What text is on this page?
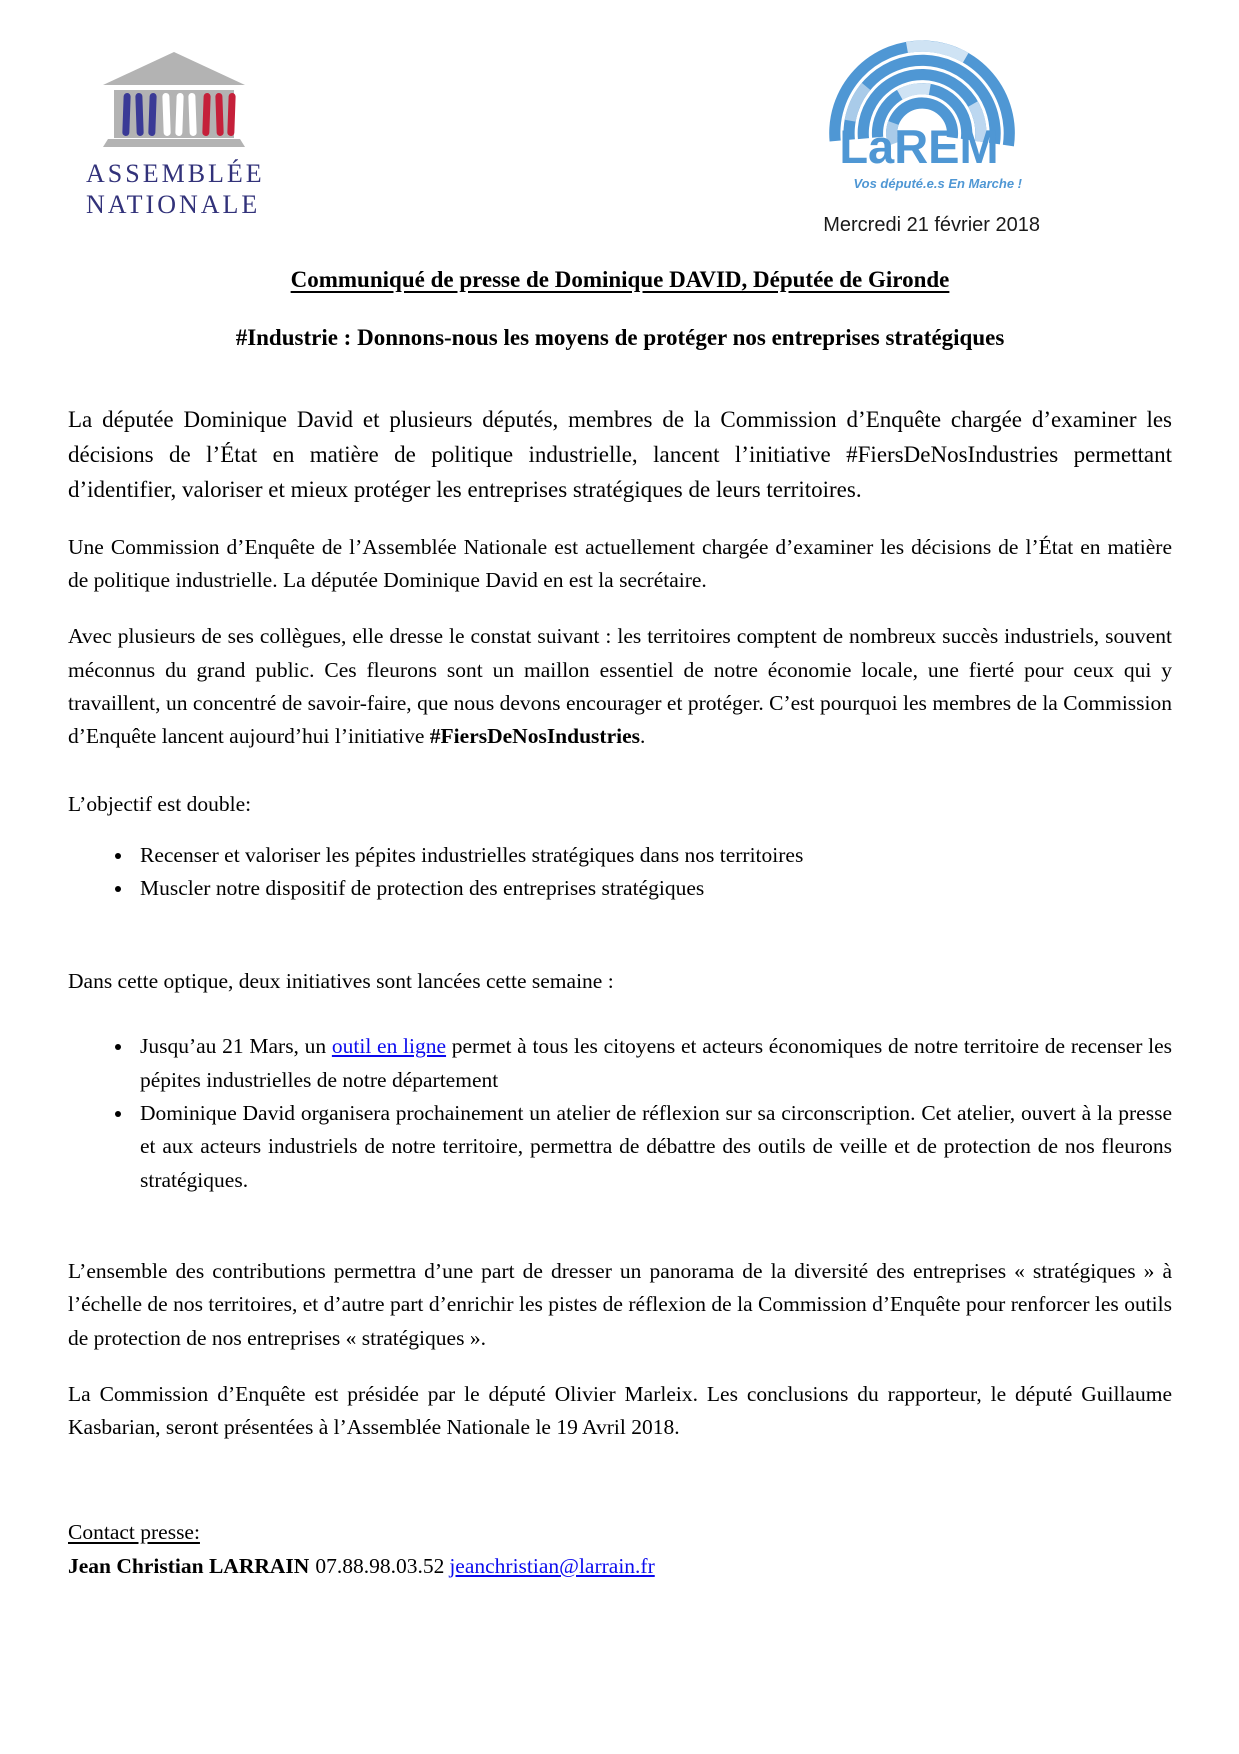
ASSEMBLÉE
NATIONALE
LaREM
Vos député.e.s En Marche !
Mercredi 21 février 2018
Communiqué de presse de Dominique DAVID, Députée de Gironde
#Industrie : Donnons-nous les moyens de protéger nos entreprises stratégiques

La députée Dominique David et plusieurs députés, membres de la Commission d’Enquête chargée d’examiner les décisions de l’État en matière de politique industrielle, lancent l’initiative #FiersDeNosIndustries permettant d’identifier, valoriser et mieux protéger les entreprises stratégiques de leurs territoires.

Une Commission d’Enquête de l’Assemblée Nationale est actuellement chargée d’examiner les décisions de l’État en matière de politique industrielle. La députée Dominique David en est la secrétaire.

Avec plusieurs de ses collègues, elle dresse le constat suivant : les territoires comptent de nombreux succès industriels, souvent méconnus du grand public. Ces fleurons sont un maillon essentiel de notre économie locale, une fierté pour ceux qui y travaillent, un concentré de savoir-faire, que nous devons encourager et protéger. C’est pourquoi les membres de la Commission d’Enquête lancent aujourd’hui l’initiative #FiersDeNosIndustries.

L’objectif est double:

• Recenser et valoriser les pépites industrielles stratégiques dans nos territoires
• Muscler notre dispositif de protection des entreprises stratégiques

Dans cette optique, deux initiatives sont lancées cette semaine :

• Jusqu’au 21 Mars, un outil en ligne permet à tous les citoyens et acteurs économiques de notre territoire de recenser les pépites industrielles de notre département
• Dominique David organisera prochainement un atelier de réflexion sur sa circonscription. Cet atelier, ouvert à la presse et aux acteurs industriels de notre territoire, permettra de débattre des outils de veille et de protection de nos fleurons stratégiques.

L’ensemble des contributions permettra d’une part de dresser un panorama de la diversité des entreprises « stratégiques » à l’échelle de nos territoires, et d’autre part d’enrichir les pistes de réflexion de la Commission d’Enquête pour renforcer les outils de protection de nos entreprises « stratégiques ».

La Commission d’Enquête est présidée par le député Olivier Marleix. Les conclusions du rapporteur, le député Guillaume Kasbarian, seront présentées à l’Assemblée Nationale le 19 Avril 2018.

Contact presse:
Jean Christian LARRAIN 07.88.98.03.52 jeanchristian@larrain.fr
